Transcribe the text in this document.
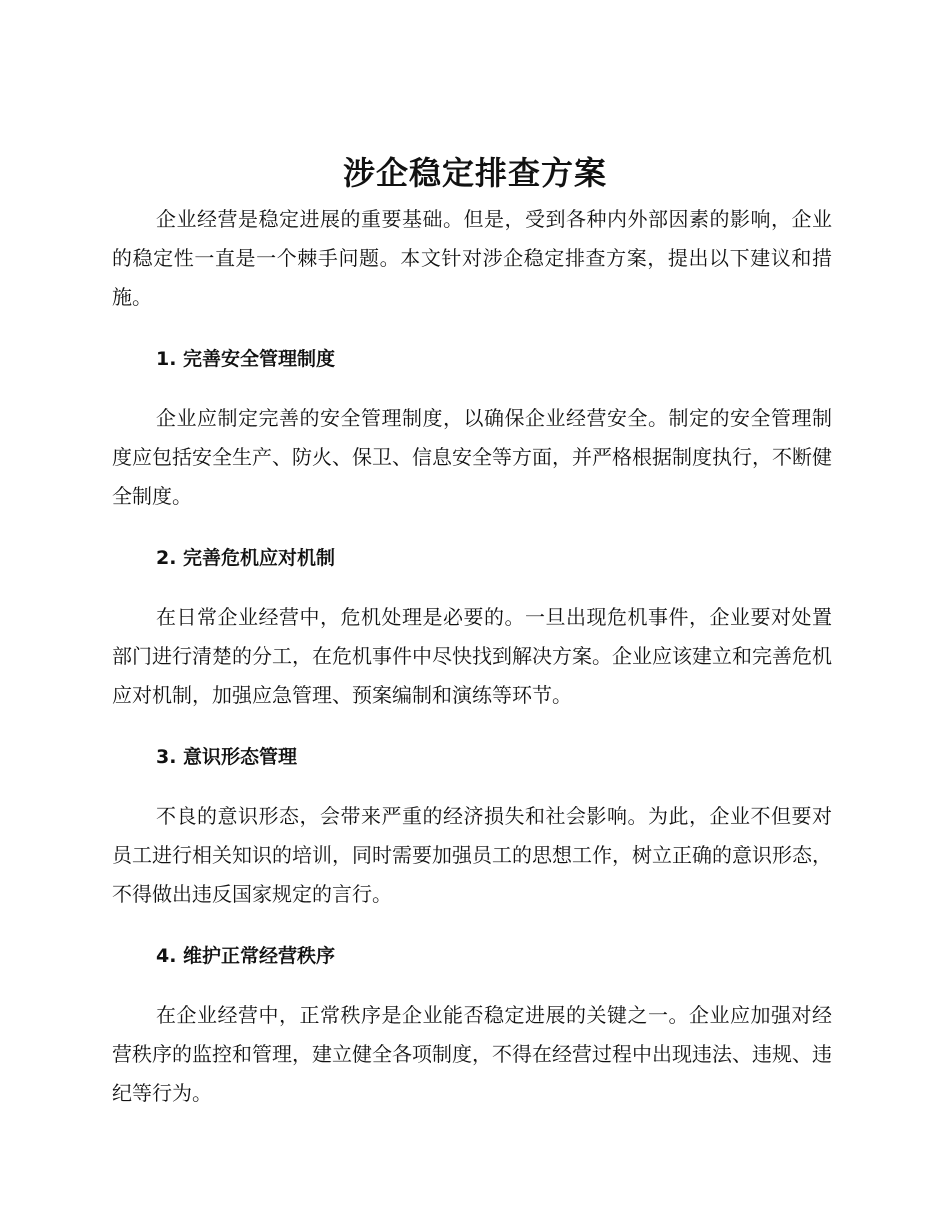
涉企稳定排查方案

企业经营是稳定进展的重要基础。但是，受到各种内外部因素的影响，企业的稳定性一直是一个棘手问题。本文针对涉企稳定排查方案，提出以下建议和措施。

1. 完善安全管理制度

企业应制定完善的安全管理制度，以确保企业经营安全。制定的安全管理制度应包括安全生产、防火、保卫、信息安全等方面，并严格根据制度执行，不断健全制度。

2. 完善危机应对机制

在日常企业经营中，危机处理是必要的。一旦出现危机事件，企业要对处置部门进行清楚的分工，在危机事件中尽快找到解决方案。企业应该建立和完善危机应对机制，加强应急管理、预案编制和演练等环节。

3. 意识形态管理

不良的意识形态，会带来严重的经济损失和社会影响。为此，企业不但要对员工进行相关知识的培训，同时需要加强员工的思想工作，树立正确的意识形态，不得做出违反国家规定的言行。

4. 维护正常经营秩序

在企业经营中，正常秩序是企业能否稳定进展的关键之一。企业应加强对经营秩序的监控和管理，建立健全各项制度，不得在经营过程中出现违法、违规、违纪等行为。
